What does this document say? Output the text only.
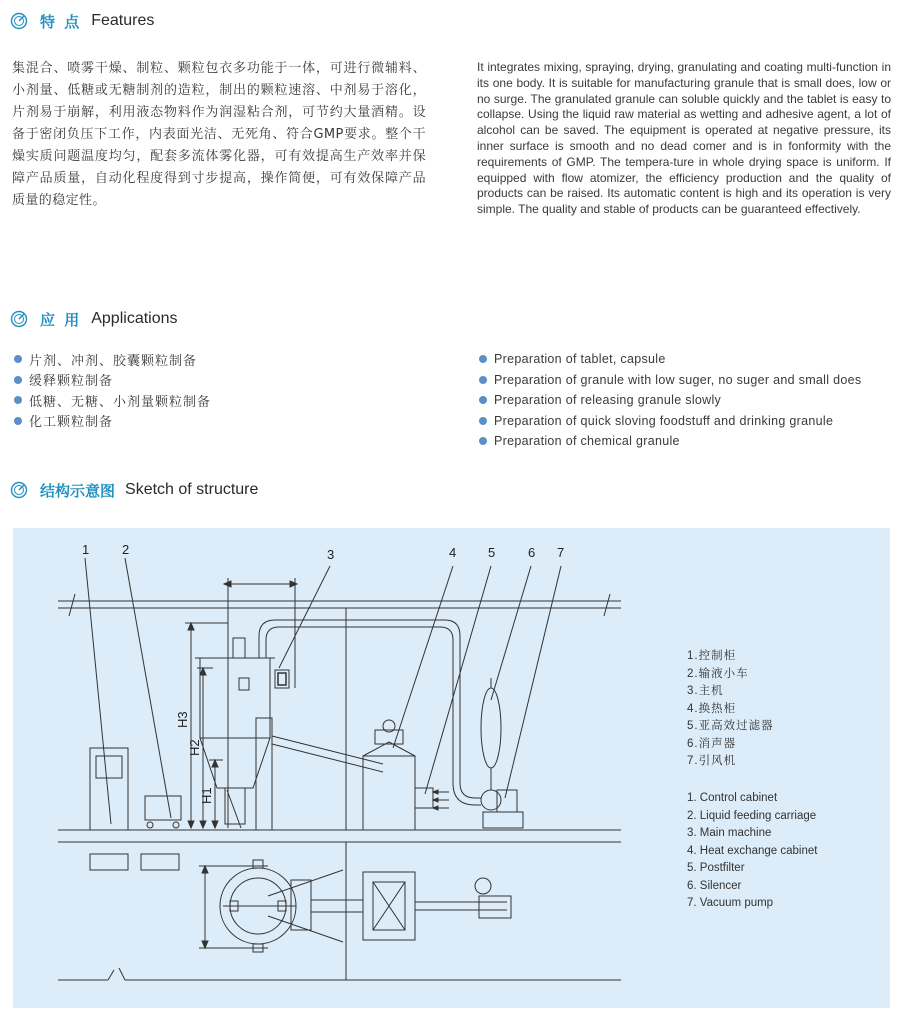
特 点 Features
集混合、喷雾干燥、制粒、颗粒包衣多功能于一体，可进行微辅料、小剂量、低糖或无糖制剂的造粒，制出的颗粒速溶、中剂易于溶化，片剂易于崩解，利用液态物料作为润湿粘合剂，可节约大量酒精。设备于密闭负压下工作，内表面光洁、无死角、符合GMP要求。整个干燥实质问题温度均匀，配套多流体雾化器，可有效提高生产效率并保障产品质量，自动化程度得到寸步提高，操作简便，可有效保障产品质量的稳定性。
It integrates mixing, spraying, drying, granulating and coating multi-function in its one body. It is suitable for manufacturing granule that is small does, low or no surge. The granulated granule can soluble quickly and the tablet is easy to collapse. Using the liquid raw material as wetting and adhesive agent, a lot of alcohol can be saved. The equipment is operated at negative pressure, its inner surface is smooth and no dead comer and is in fonformity with the requirements of GMP. The tempera-ture in whole drying space is uniform. If equipped with flow atomizer, the efficiency production and the quality of products can be raised. Its automatic content is high and its operation is very simple. The quality and stable of products can be guaranteed effectively.
应 用 Applications
片剂、冲剂、胶囊颗粒制备
缓释颗粒制备
低糖、无糖、小剂量颗粒制备
化工颗粒制备
Preparation of tablet, capsule
Preparation of granule with low suger, no suger and small does
Preparation of releasing granule slowly
Preparation of quick sloving foodstuff and drinking granule
Preparation of chemical granule
结构示意图 Sketch of structure
1	2	3	4 5	6 7
H3
H2
H1
1.控制柜
2.输液小车
3.主机
4.换热柜
5.亚高效过滤器
6.消声器
7.引风机
1. Control cabinet
2. Liquid feeding carriage
3. Main machine
4. Heat exchange cabinet
5. Postfilter
6. Silencer
7. Vacuum pump
